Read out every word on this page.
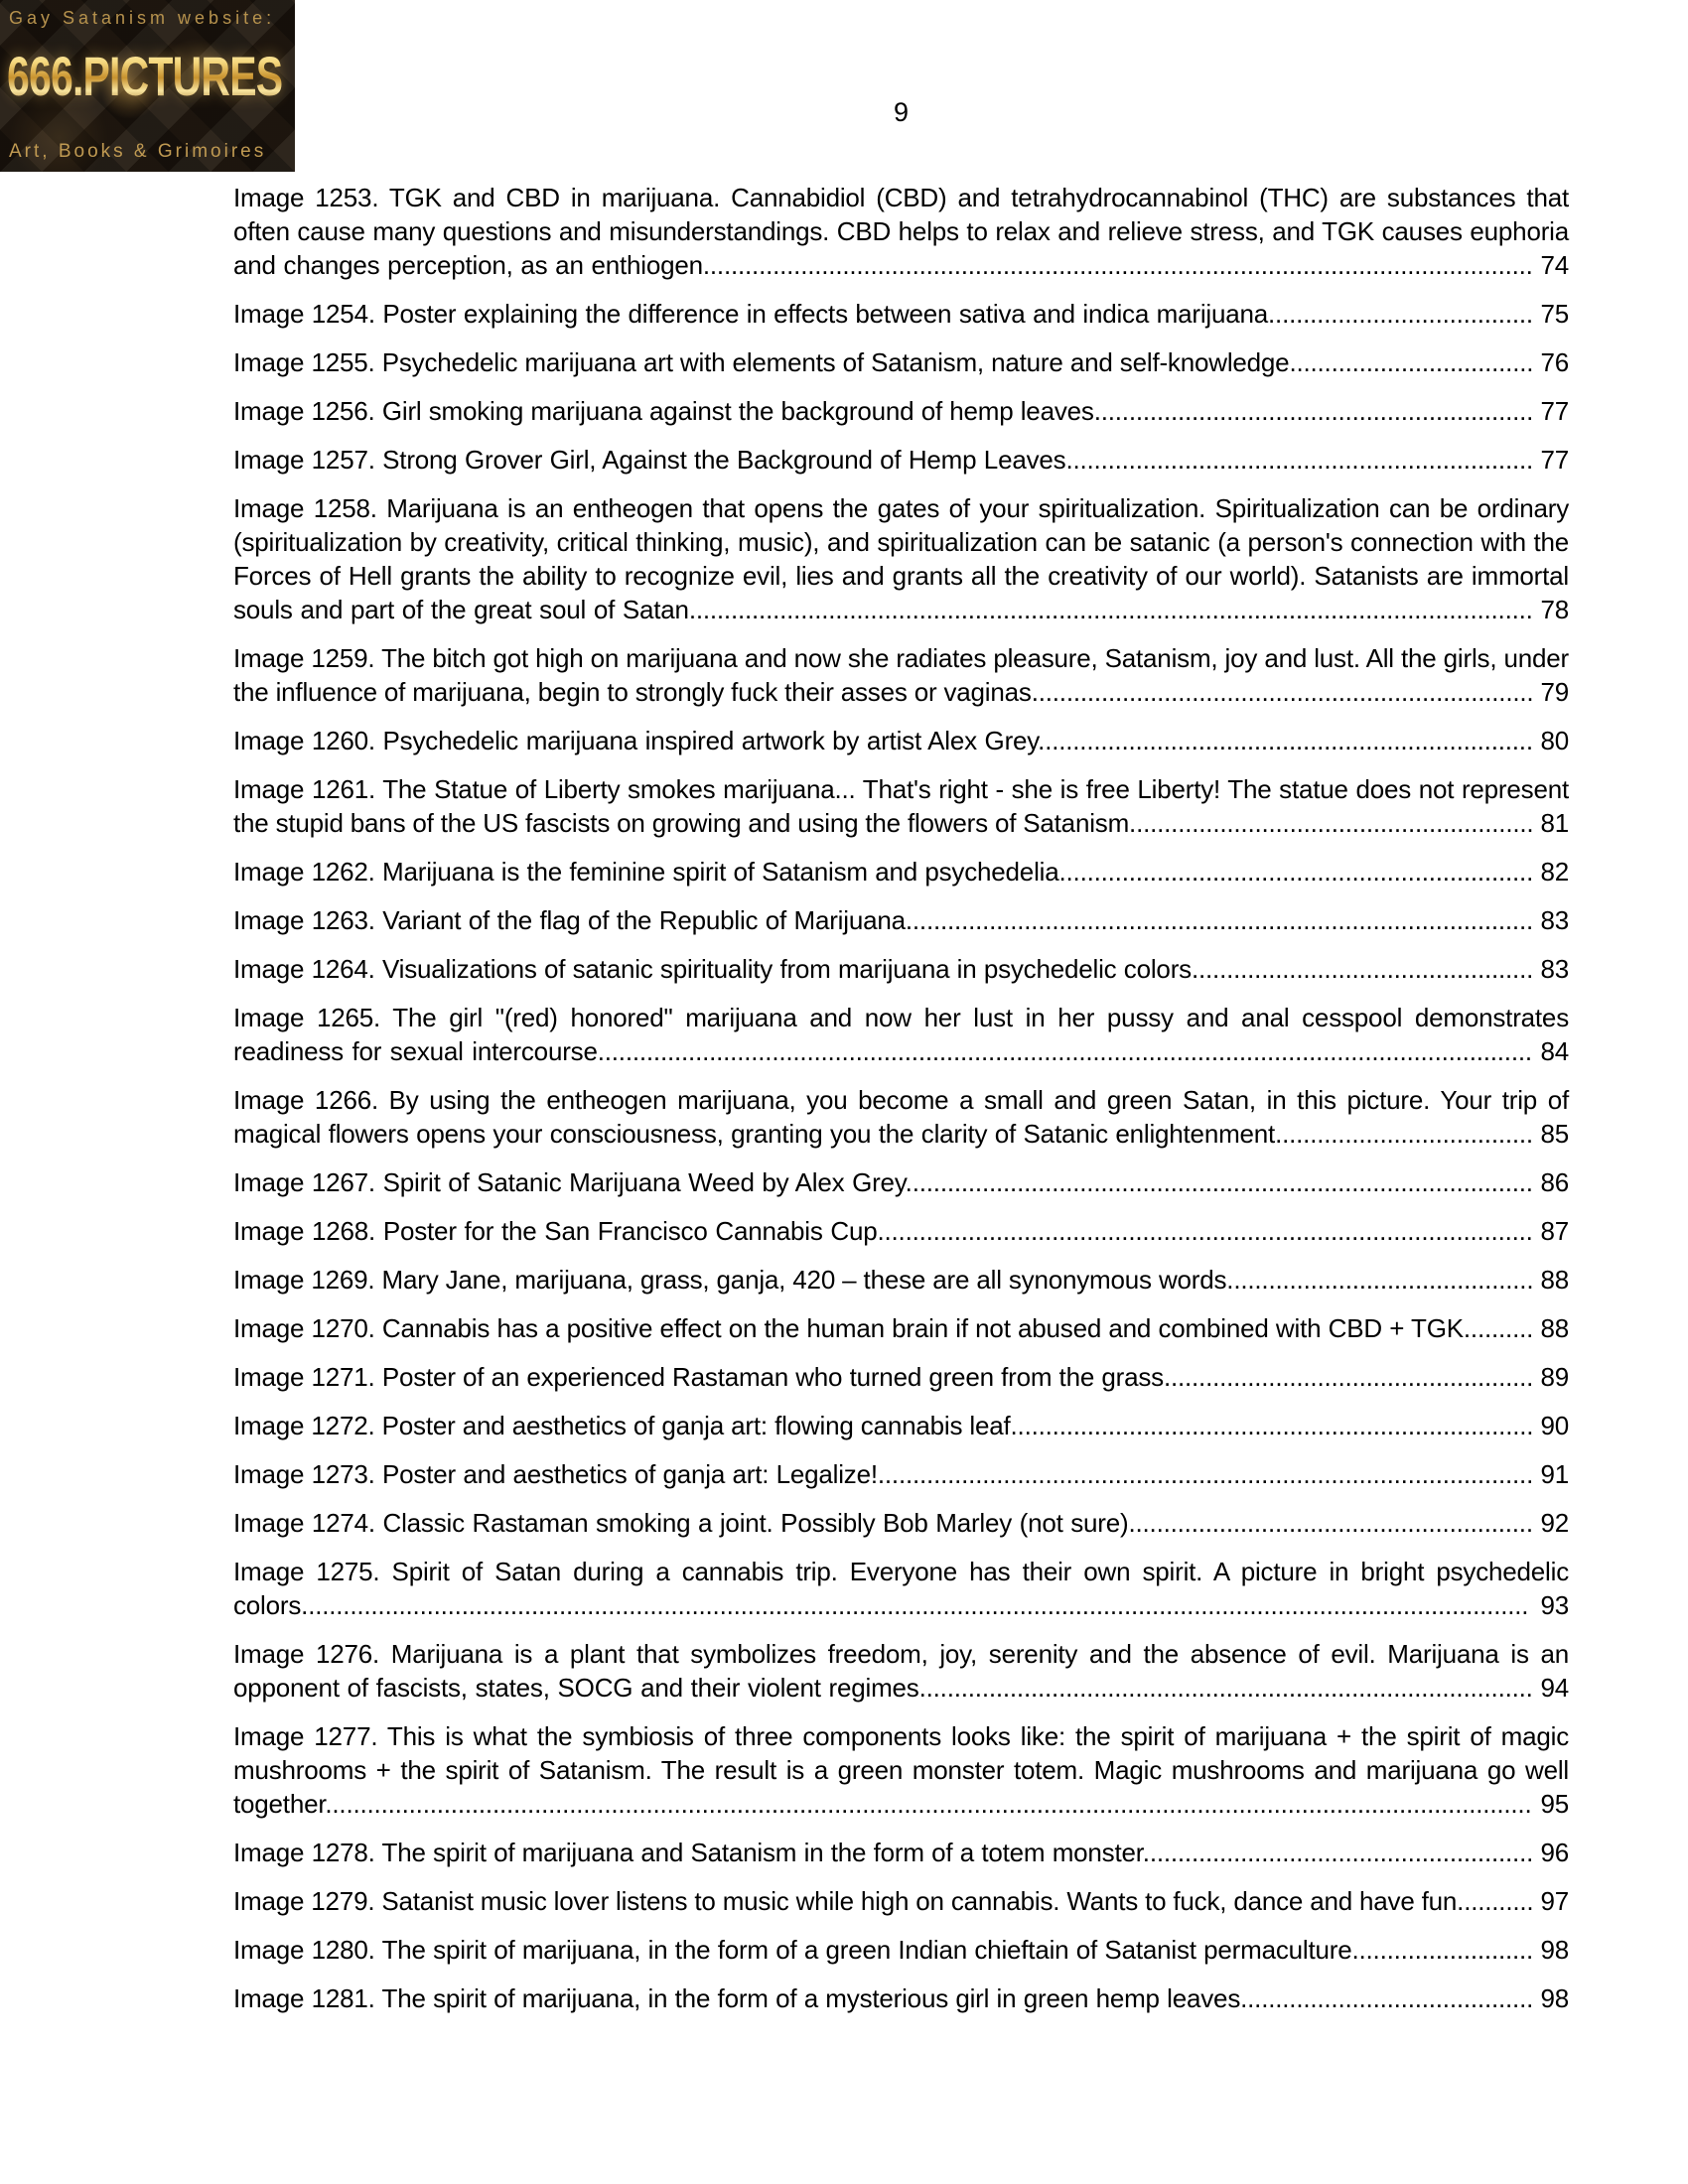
Gay Satanism website:
666.PICTURES
Art, Books & Grimoires
9

Image 1253. TGK and CBD in marijuana. Cannabidiol (CBD) and tetrahydrocannabinol (THC) are substances that often cause many questions and misunderstandings. CBD helps to relax and relieve stress, and TGK causes euphoria and changes perception, as an enthiogen....................................................................................................................... 74

Image 1254. Poster explaining the difference in effects between sativa and indica marijuana...................................... 75

Image 1255. Psychedelic marijuana art with elements of Satanism, nature and self-knowledge................................... 76

Image 1256. Girl smoking marijuana against the background of hemp leaves............................................................... 77

Image 1257. Strong Grover Girl, Against the Background of Hemp Leaves................................................................... 77

Image 1258. Marijuana is an entheogen that opens the gates of your spiritualization. Spiritualization can be ordinary (spiritualization by creativity, critical thinking, music), and spiritualization can be satanic (a person's connection with the Forces of Hell grants the ability to recognize evil, lies and grants all the creativity of our world). Satanists are immortal souls and part of the great soul of Satan......................................................................................................................... 78

Image 1259. The bitch got high on marijuana and now she radiates pleasure, Satanism, joy and lust. All the girls, under the influence of marijuana, begin to strongly fuck their asses or vaginas........................................................................ 79

Image 1260. Psychedelic marijuana inspired artwork by artist Alex Grey....................................................................... 80

Image 1261. The Statue of Liberty smokes marijuana... That's right - she is free Liberty! The statue does not represent the stupid bans of the US fascists on growing and using the flowers of Satanism.......................................................... 81

Image 1262. Marijuana is the feminine spirit of Satanism and psychedelia.................................................................... 82

Image 1263. Variant of the flag of the Republic of Marijuana.......................................................................................... 83

Image 1264. Visualizations of satanic spirituality from marijuana in psychedelic colors................................................. 83

Image 1265. The girl "(red) honored" marijuana and now her lust in her pussy and anal cesspool demonstrates readiness for sexual intercourse...................................................................................................................................... 84

Image 1266. By using the entheogen marijuana, you become a small and green Satan, in this picture. Your trip of magical flowers opens your consciousness, granting you the clarity of Satanic enlightenment..................................... 85

Image 1267. Spirit of Satanic Marijuana Weed by Alex Grey.......................................................................................... 86

Image 1268. Poster for the San Francisco Cannabis Cup.............................................................................................. 87

Image 1269. Mary Jane, marijuana, grass, ganja, 420 – these are all synonymous words............................................ 88

Image 1270. Cannabis has a positive effect on the human brain if not abused and combined with CBD + TGK.......... 88

Image 1271. Poster of an experienced Rastaman who turned green from the grass..................................................... 89

Image 1272. Poster and aesthetics of ganja art: flowing cannabis leaf........................................................................... 90

Image 1273. Poster and aesthetics of ganja art: Legalize!.............................................................................................. 91

Image 1274. Classic Rastaman smoking a joint. Possibly Bob Marley (not sure).......................................................... 92

Image 1275. Spirit of Satan during a cannabis trip. Everyone has their own spirit. A picture in bright psychedelic colors................................................................................................................................................................................ 93

Image 1276. Marijuana is a plant that symbolizes freedom, joy, serenity and the absence of evil. Marijuana is an opponent of fascists, states, SOCG and their violent regimes........................................................................................ 94

Image 1277. This is what the symbiosis of three components looks like: the spirit of marijuana + the spirit of magic mushrooms + the spirit of Satanism. The result is a green monster totem. Magic mushrooms and marijuana go well together............................................................................................................................................................................. 95

Image 1278. The spirit of marijuana and Satanism in the form of a totem monster........................................................ 96

Image 1279. Satanist music lover listens to music while high on cannabis. Wants to fuck, dance and have fun........... 97

Image 1280. The spirit of marijuana, in the form of a green Indian chieftain of Satanist permaculture.......................... 98

Image 1281. The spirit of marijuana, in the form of a mysterious girl in green hemp leaves.......................................... 98
